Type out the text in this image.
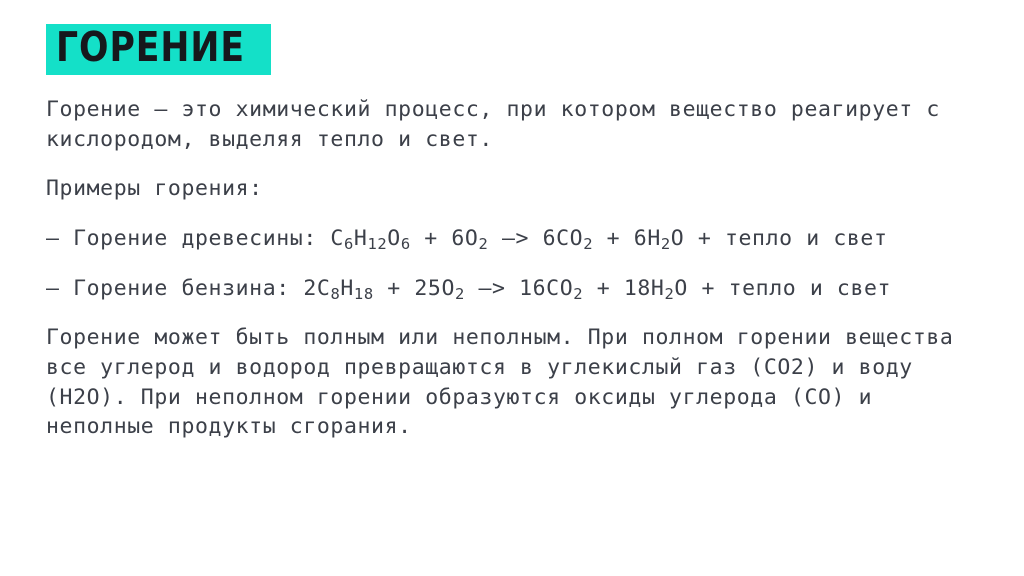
ГОРЕНИЕ

Горение – это химический процесс, при котором вещество реагирует с кислородом, выделяя тепло и свет.

Примеры горения:

– Горение древесины: $C_6H_{12}O_6 + 6O_2 -> 6CO_2 + 6H_2O$ + тепло и свет

– Горение бензина: $2C_8H_{18} + 25O_2 -> 16CO_2 + 18H_2O$ + тепло и свет

Горение может быть полным или неполным. При полном горении вещества все углерод и водород превращаются в углекислый газ (CO2) и воду (H2O). При неполном горении образуются оксиды углерода (CO) и неполные продукты сгорания.
